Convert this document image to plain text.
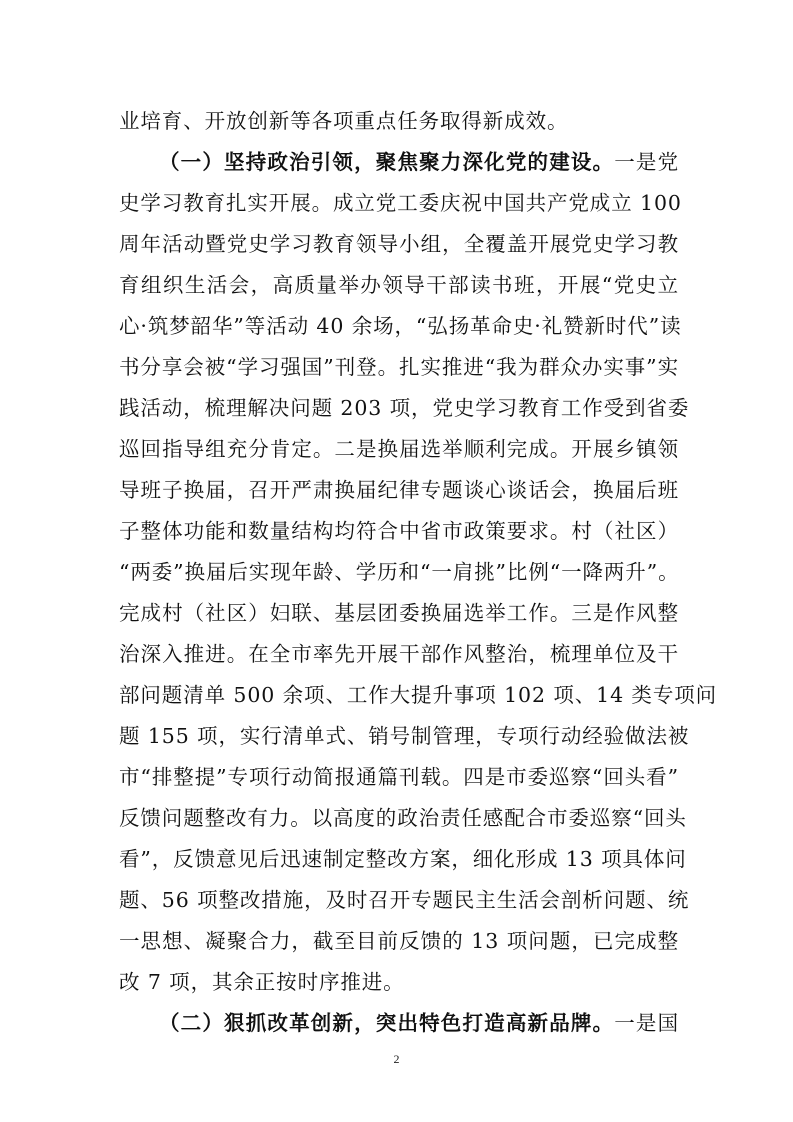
业培育、开放创新等各项重点任务取得新成效。
（一）坚持政治引领，聚焦聚力深化党的建设。一是党
史学习教育扎实开展。成立党工委庆祝中国共产党成立 100
周年活动暨党史学习教育领导小组，全覆盖开展党史学习教
育组织生活会，高质量举办领导干部读书班，开展“党史立
心·筑梦韶华”等活动 40 余场，“弘扬革命史·礼赞新时代”读
书分享会被“学习强国”刊登。扎实推进“我为群众办实事”实
践活动，梳理解决问题 203 项，党史学习教育工作受到省委
巡回指导组充分肯定。二是换届选举顺利完成。开展乡镇领
导班子换届，召开严肃换届纪律专题谈心谈话会，换届后班
子整体功能和数量结构均符合中省市政策要求。村（社区）
“两委”换届后实现年龄、学历和“一肩挑”比例“一降两升”。
完成村（社区）妇联、基层团委换届选举工作。三是作风整
治深入推进。在全市率先开展干部作风整治，梳理单位及干
部问题清单 500 余项、工作大提升事项 102 项、14 类专项问
题 155 项，实行清单式、销号制管理，专项行动经验做法被
市“排整提”专项行动简报通篇刊载。四是市委巡察“回头看”
反馈问题整改有力。以高度的政治责任感配合市委巡察“回头
看”，反馈意见后迅速制定整改方案，细化形成 13 项具体问
题、56 项整改措施，及时召开专题民主生活会剖析问题、统
一思想、凝聚合力，截至目前反馈的 13 项问题，已完成整
改 7 项，其余正按时序推进。
（二）狠抓改革创新，突出特色打造高新品牌。一是国
2
